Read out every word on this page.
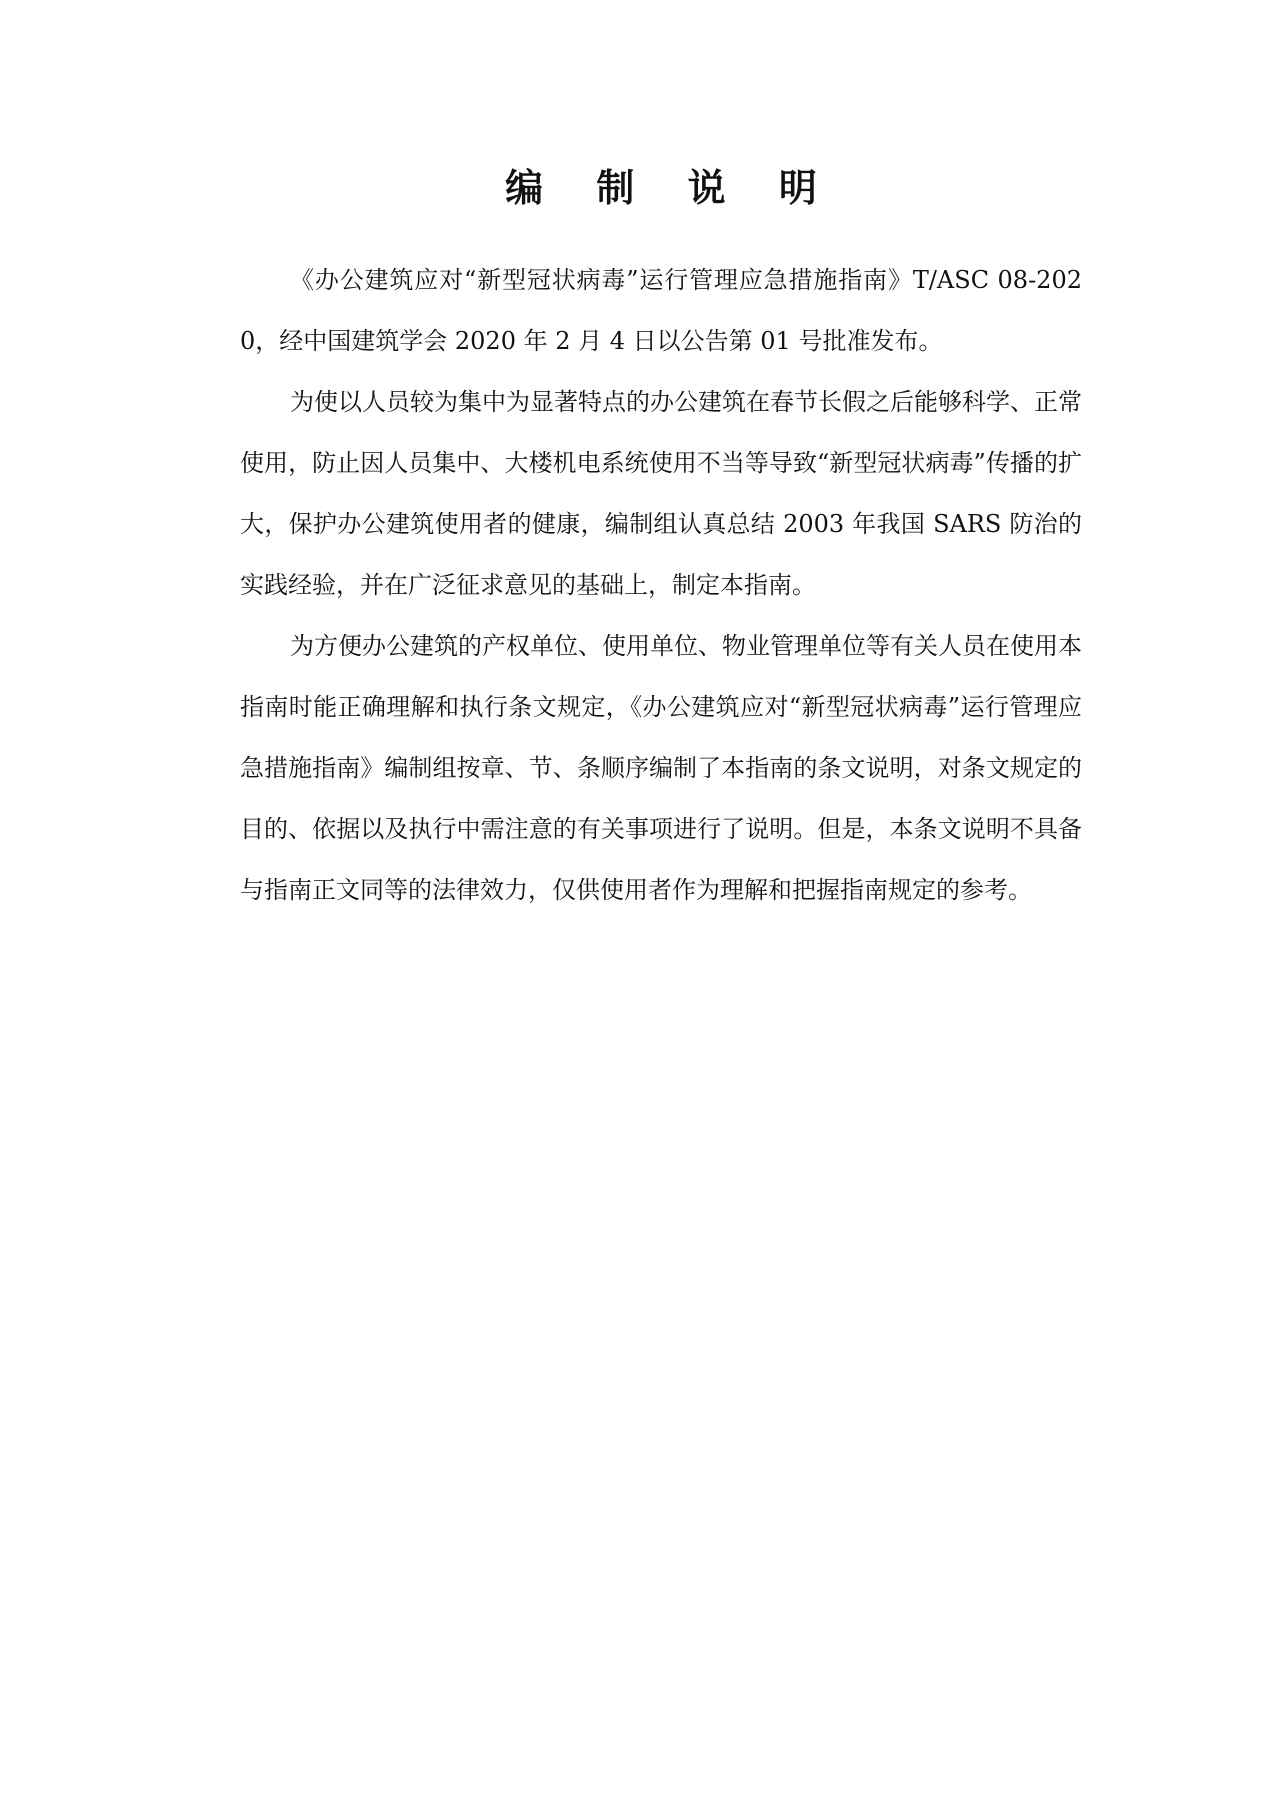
编 制 说 明

《办公建筑应对“新型冠状病毒”运行管理应急措施指南》T/ASC 08-2020，经中国建筑学会 2020 年 2 月 4 日以公告第 01 号批准发布。

为使以人员较为集中为显著特点的办公建筑在春节长假之后能够科学、正常使用，防止因人员集中、大楼机电系统使用不当等导致“新型冠状病毒”传播的扩大，保护办公建筑使用者的健康，编制组认真总结 2003 年我国 SARS 防治的实践经验，并在广泛征求意见的基础上，制定本指南。

为方便办公建筑的产权单位、使用单位、物业管理单位等有关人员在使用本指南时能正确理解和执行条文规定，《办公建筑应对“新型冠状病毒”运行管理应急措施指南》编制组按章、节、条顺序编制了本指南的条文说明，对条文规定的目的、依据以及执行中需注意的有关事项进行了说明。但是，本条文说明不具备与指南正文同等的法律效力，仅供使用者作为理解和把握指南规定的参考。
